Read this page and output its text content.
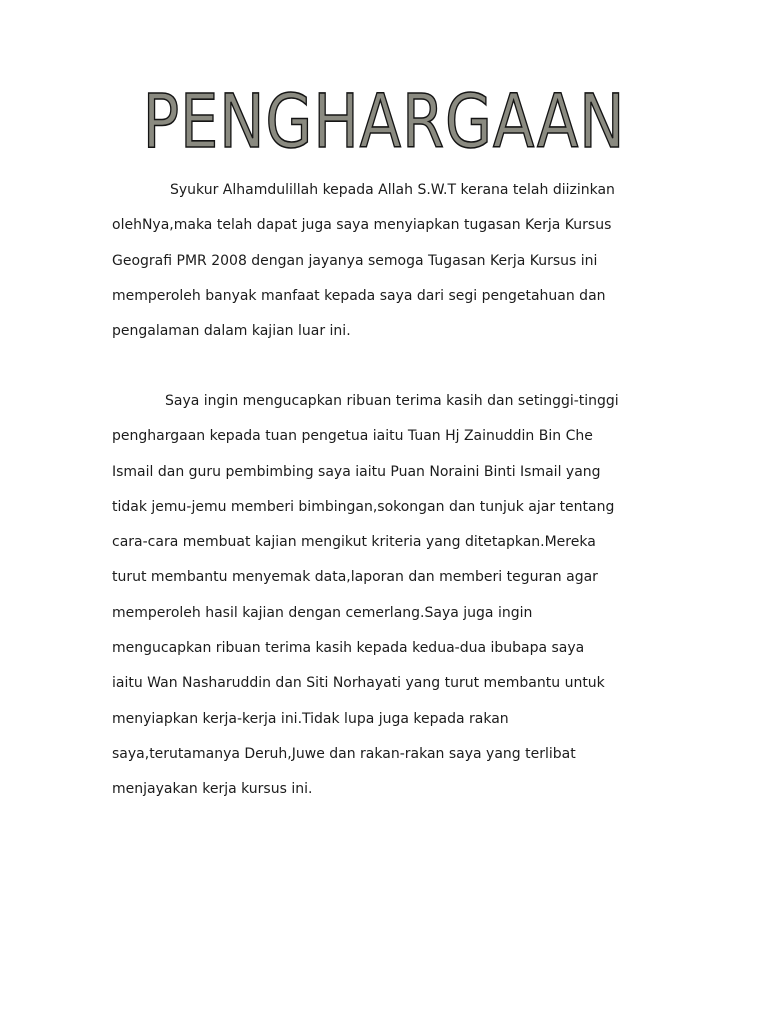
PENGHARGAAN
Syukur Alhamdulillah kepada Allah S.W.T kerana telah diizinkan
olehNya,maka telah dapat juga saya menyiapkan tugasan Kerja Kursus
Geografi PMR 2008 dengan jayanya semoga Tugasan Kerja Kursus ini
memperoleh banyak manfaat kepada saya dari segi pengetahuan dan
pengalaman dalam kajian luar ini.
Saya ingin mengucapkan ribuan terima kasih dan setinggi-tinggi
penghargaan kepada tuan pengetua iaitu Tuan Hj Zainuddin Bin Che
Ismail dan guru pembimbing saya iaitu Puan Noraini Binti Ismail yang
tidak jemu-jemu memberi bimbingan,sokongan dan tunjuk ajar tentang
cara-cara membuat kajian mengikut kriteria yang ditetapkan.Mereka
turut membantu menyemak data,laporan dan memberi teguran agar
memperoleh hasil kajian dengan cemerlang.Saya juga ingin
mengucapkan ribuan terima kasih kepada kedua-dua ibubapa saya
iaitu Wan Nasharuddin dan Siti Norhayati yang turut membantu untuk
menyiapkan kerja-kerja ini.Tidak lupa juga kepada rakan
saya,terutamanya Deruh,Juwe dan rakan-rakan saya yang terlibat
menjayakan kerja kursus ini.
